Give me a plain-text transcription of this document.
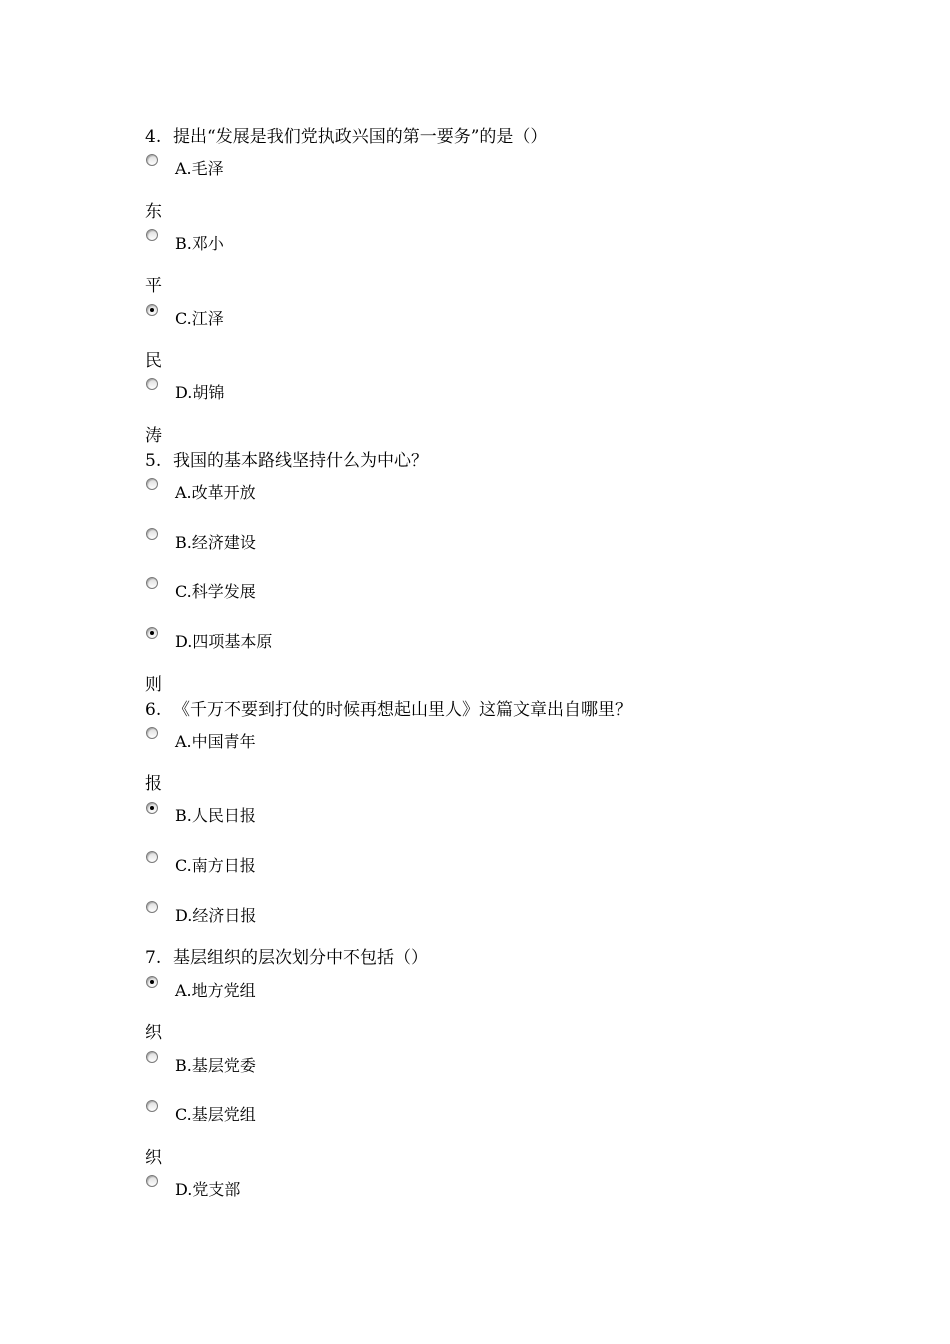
4. 提出“发展是我们党执政兴国的第一要务”的是（）
A.毛泽
东
B.邓小
平
C.江泽
民
D.胡锦
涛
5. 我国的基本路线坚持什么为中心？
A.改革开放
B.经济建设
C.科学发展
D.四项基本原
则
6. 《千万不要到打仗的时候再想起山里人》这篇文章出自哪里？
A.中国青年
报
B.人民日报
C.南方日报
D.经济日报
7. 基层组织的层次划分中不包括（）
A.地方党组
织
B.基层党委
C.基层党组
织
D.党支部
